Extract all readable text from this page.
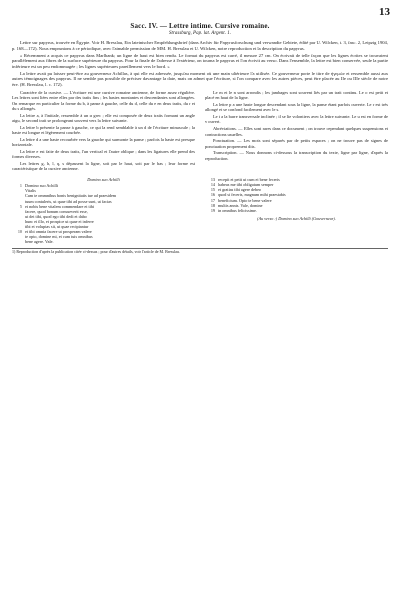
13
Sacc. IV. — Lettre intime. Cursive romaine.
Strassburg, Pap. lat. Argent. 1.

Lettre sur papyrus, trouvée en Égypte. Voir H. Bresslau, Ein lateinischer Empfehlungsbrief (dans Archiv für Papyrusforschung und verwandte Gebiete, édité par U. Wilcken, t. 3, fasc. 2, Leipzig 1904, p. 168—172). Nous empruntons à ce périodique, avec l'aimable permission de MM. H. Bresslau et U. Wilcken, notre reproduction et la description du papyrus.

« Récemment a acquis ce papyrus dans Marlbank; un ligne de haut est bien rendu. Le format du papyrus est carré, il mesure 27 cm. On écrivait de telle façon que les lignes écrites se trouvaient parallèlement aux fibres de la surface supérieure du papyrus. Pour la finale de l'adresse à l'extérieur, on tourna le papyrus et l'on écrivit au verso. Dans l'ensemble, la lettre est bien conservée, seule la partie inférieure est un peu endommagée ; les lignes supérieures pareillement vers le bord. »

La lettre avait pu laisser peut-être au gouverneur Achillas, à qui elle est adressée, jusqu'au moment où une main ultérieure l'a utilisée. Ce gouverneur porte le titre de ήγεμών et ressemble aussi aux autres témoignages des papyrus. Il ne semble pas possible de préciser davantage la date, mais on admet que l'écriture, si l'on compare avec les autres pièces, peut être placée au IIe ou IIIe siècle de notre ère. (H. Bresslau, l. c. 172).

Caractère de la cursive. — L'écriture est une cursive romaine ancienne, de forme assez régulière. Les lettres sont liées entre elles par des traits fins ; les hastes montantes et descendantes sont allongées. On remarque en particulier la forme du b, à panse à gauche, celle du d, celle du e en deux traits, du r et du s allongés.

La lettre a, à l'initiale, ressemble à un α grec ; elle est composée de deux traits formant un angle aigu, le second trait se prolongeant souvent vers la lettre suivante.

La lettre b présente la panse à gauche, ce qui la rend semblable à un d de l'écriture minuscule ; la haste est longue et légèrement courbée.

La lettre d a une haste recourbée vers la gauche qui surmonte la panse ; parfois la haste est presque horizontale.

La lettre e est faite de deux traits, l'un vertical et l'autre oblique ; dans les ligatures elle prend des formes diverses.

Les lettres g, h, l, q, s dépassent la ligne, soit par le haut, soit par le bas ; leur forme est caractéristique de la cursive ancienne.

Le m et le n sont arrondis ; les jambages sont souvent liés par un trait continu. Le o est petit et placé en haut de la ligne.

La lettre p a une haste longue descendant sous la ligne, la panse étant parfois ouverte. Le r est très allongé et se confond facilement avec le s.

Le t a la barre transversale inclinée ; il se lie volontiers avec la lettre suivante. Le u est en forme de v ouvert.

Abréviations. — Elles sont rares dans ce document ; on trouve cependant quelques suspensions et contractions usuelles.

Ponctuation. — Les mots sont séparés par de petits espaces ; on ne trouve pas de signes de ponctuation proprement dits.

Transcription. — Nous donnons ci-dessous la transcription du texte, ligne par ligne, d'après la reproduction.

Domino suo Achilli
1 Domino suo Achilli
Vitalis
Cum te ommnibus bonis benignitatis tue ad praesidem
tuum contuleris, ut quae tibi ad posse sunt, ut facias
5 et nobis bene vitalem commendare et tibi
facere, quod bonum consueverit esse,
ut det tibi, quod ego tibi dedi et dabo
hunc ei illo, et prospice ut quae ei inferre
tibi et voluptas sit, ut quae recipiantur
10 et tibi omnia facere ut prosperam valere
te opto, domine mi, et cum tuis omnibus
bene agere. Vale.
13 recepit et petit ut cum ei bene feceris
14 habeas me tibi obligatum semper
15 et gratias tibi agere debeo
16 quod si feceris, magnum mihi praestabis
17 beneficium. Opto te bene valere
18 multis annis. Vale, domine
19 in omnibus felicissime.
(Au verso :) Domino suo Achilli (Gouverneur).
1) Reproduction d'après la publication citée ci-dessus ; pour d'autres détails, voir l'article de M. Bresslau.
